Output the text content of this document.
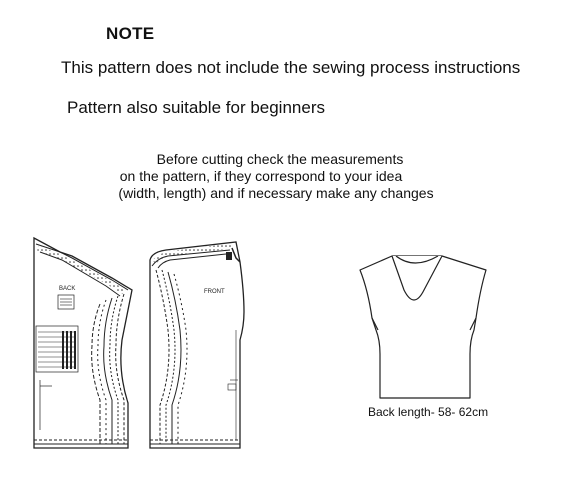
NOTE
This pattern does not include the sewing process instructions
Pattern also suitable for beginners
Before cutting check the measurements
on the pattern, if they correspond to your idea
(width, length) and if necessary make any changes
BACK	FRONT
Back length- 58- 62cm
